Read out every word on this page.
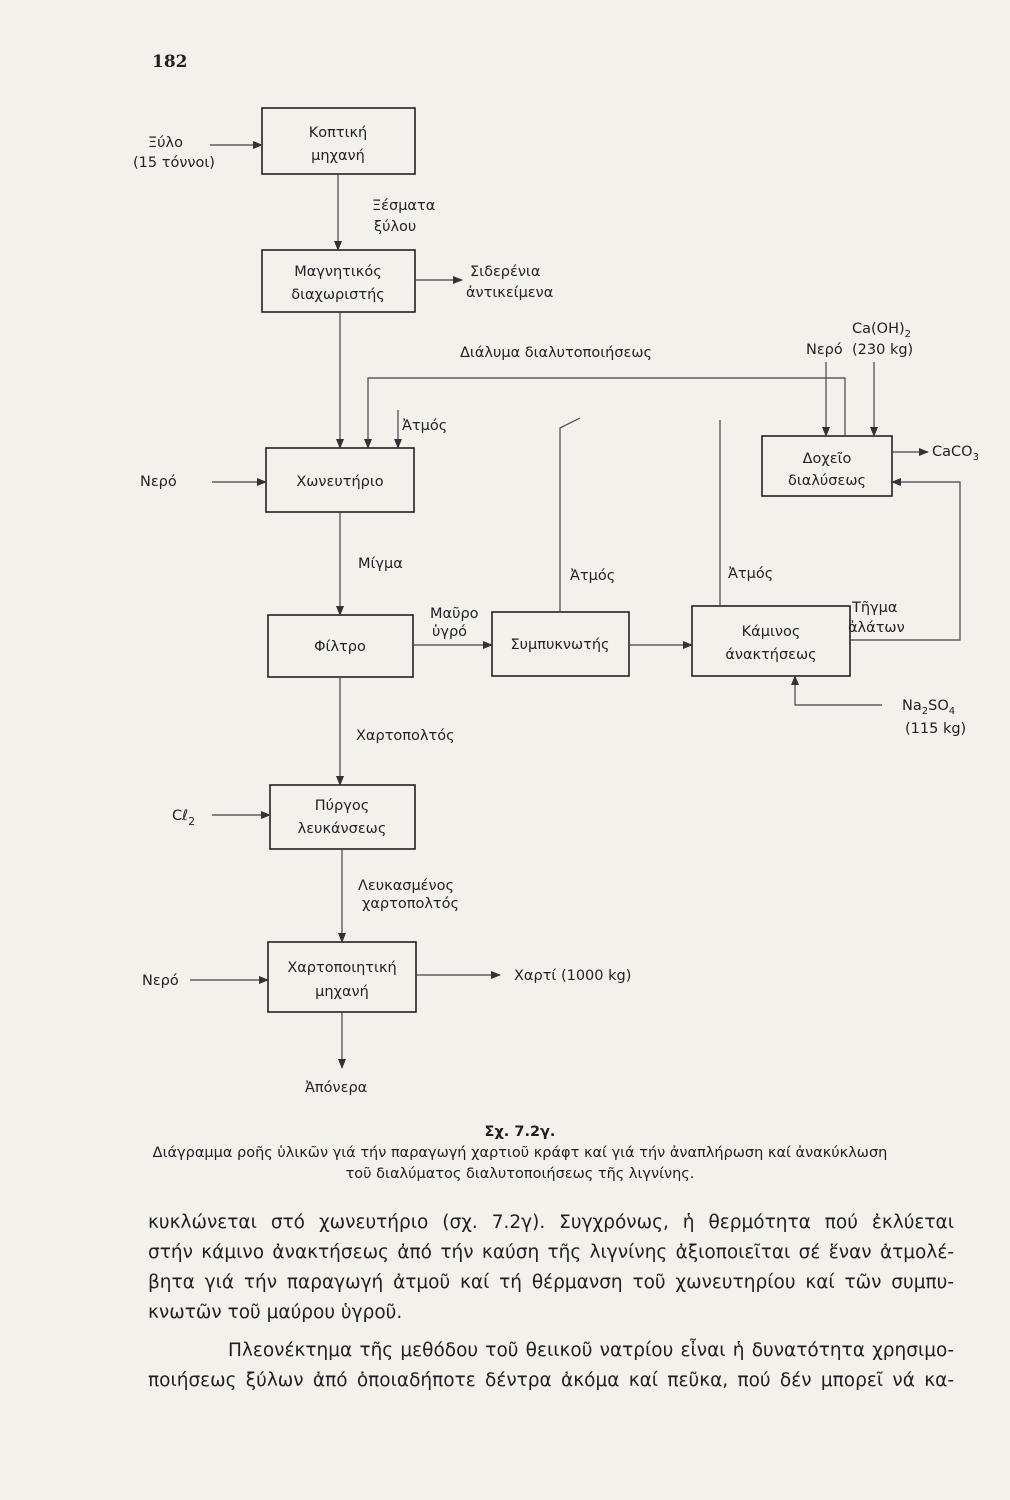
182
Κοπτική
μηχανή
Μαγνητικός
διαχωριστής
Χωνευτήριο
Φίλτρο	Συμπυκνωτής
Κάμινος
άνακτήσεως
Δοχεῖο
διαλύσεως
Πύργος
λευκάνσεως
Χαρτοποιητική
μηχανή
Ξύλο
(15 τόννοι)
Ξέσματα
ξύλου
Σιδερένια
ἀντικείμενα
Διάλυμα διαλυτοποιήσεως
$Ca(OH)_2$
Νερό (230 kg)
CaCO$_3$
Ἀτμός
Νερό
Μίγμα
Ἀτμός	Ἀτμός
Μαῦρο
ὑγρό
Τῆγμα
ἀλάτων
$Na_2SO_4$
(115 kg)
Χαρτοπολτός
Cℓ$_2$
Λευκασμένος
χαρτοπολτός
Νερό	Χαρτί (1000 kg)
Ἀπόνερα
Σχ. 7.2γ.
Διάγραμμα ροῆς ὑλικῶν γιά τήν παραγωγή χαρτιοῦ κράφτ καί γιά τήν ἀναπλήρωση καί ἀνακύκλωση
τοῦ διαλύματος διαλυτοποιήσεως τῆς λιγνίνης.

κυκλώνεται στό χωνευτήριο (σχ. 7.2γ). Συγχρόνως, ἡ θερμότητα πού ἐκλύεται
στήν κάμινο ἀνακτήσεως ἀπό τήν καύση τῆς λιγνίνης ἀξιοποιεῖται σέ ἕναν ἀτμολέ-
βητα γιά τήν παραγωγή ἀτμοῦ καί τή θέρμανση τοῦ χωνευτηρίου καί τῶν συμπυ-
κνωτῶν τοῦ μαύρου ὑγροῦ.

Πλεονέκτημα τῆς μεθόδου τοῦ θειικοῦ νατρίου εἶναι ἡ δυνατότητα χρησιμο-
ποιήσεως ξύλων ἀπό ὁποιαδήποτε δέντρα ἀκόμα καί πεῦκα, πού δέν μπορεῖ νά κα-
